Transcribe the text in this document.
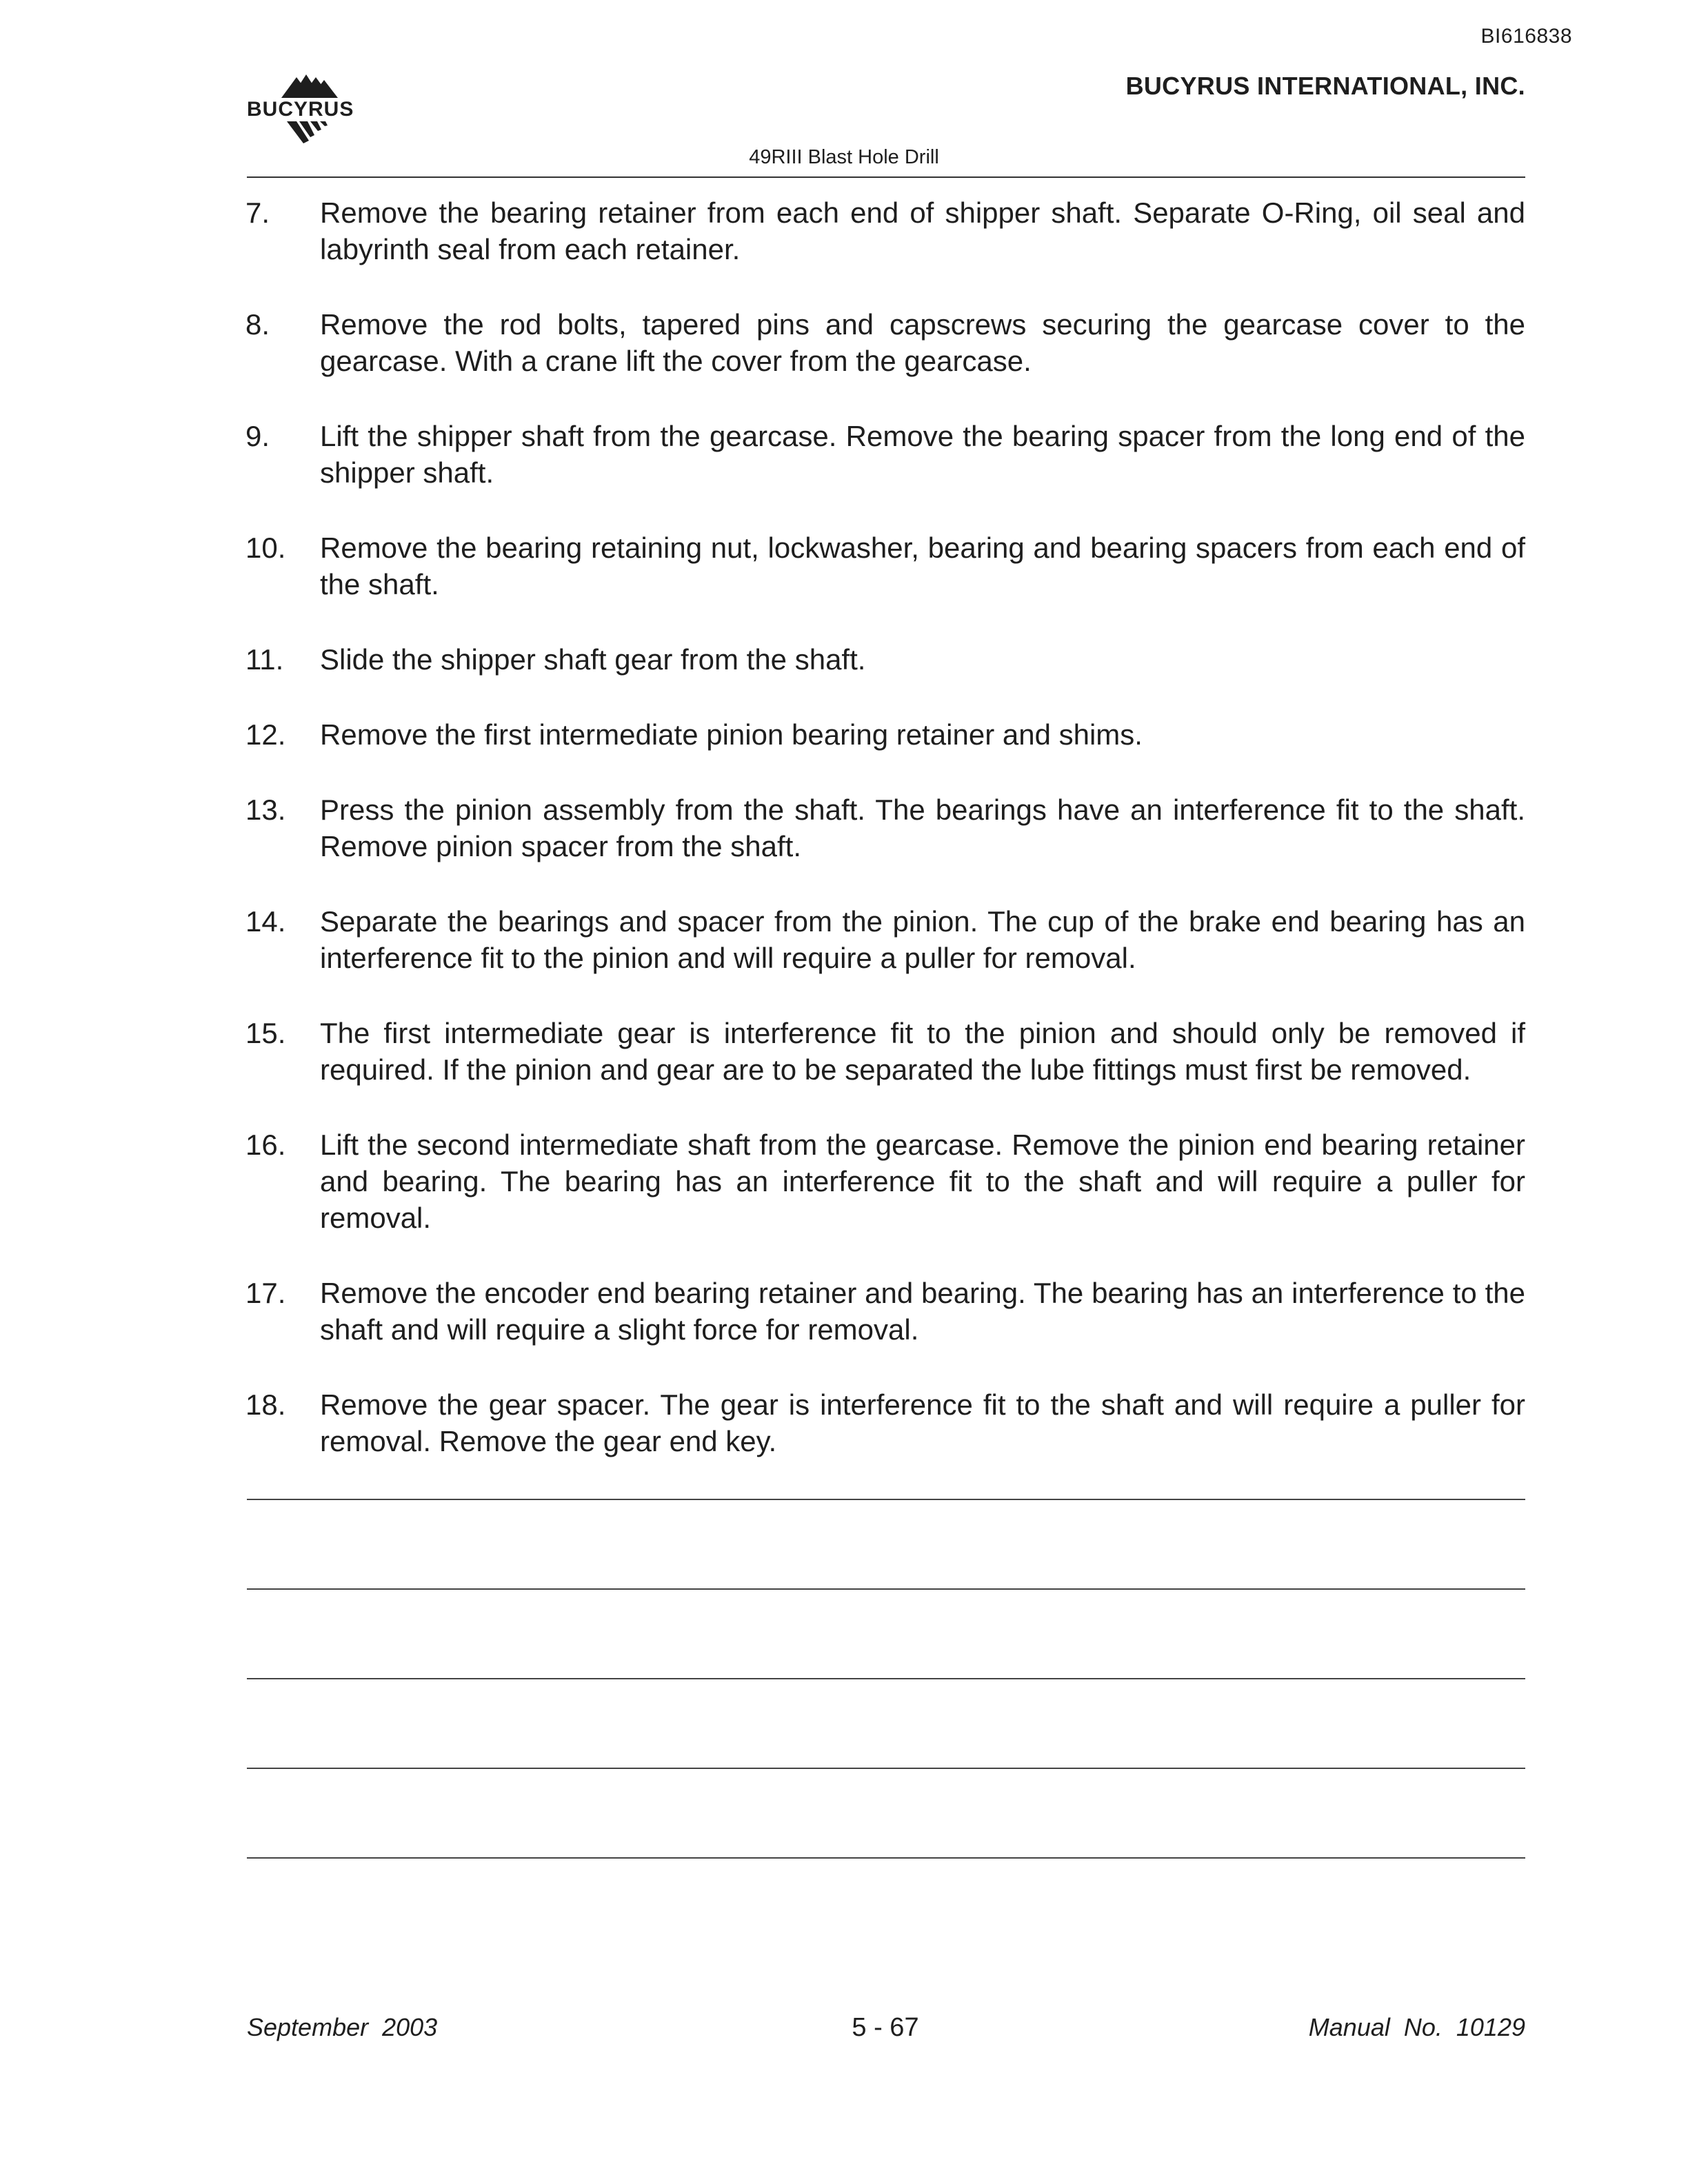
BI616838
BUCYRUS
BUCYRUS INTERNATIONAL, INC.
49RIII Blast Hole Drill
7.	Remove the bearing retainer from each end of shipper shaft. Separate O-Ring, oil seal and labyrinth seal from each retainer.
8.	Remove the rod bolts, tapered pins and capscrews securing the gearcase cover to the gearcase. With a crane lift the cover from the gearcase.
9.	Lift the shipper shaft from the gearcase. Remove the bearing spacer from the long end of the shipper shaft.
10.	Remove the bearing retaining nut, lockwasher, bearing and bearing spacers from each end of the shaft.
11.	Slide the shipper shaft gear from the shaft.
12.	Remove the first intermediate pinion bearing retainer and shims.
13.	Press the pinion assembly from the shaft. The bearings have an interference fit to the shaft. Remove pinion spacer from the shaft.
14.	Separate the bearings and spacer from the pinion. The cup of the brake end bearing has an interference fit to the pinion and will require a puller for removal.
15.	The first intermediate gear is interference fit to the pinion and should only be removed if required. If the pinion and gear are to be separated the lube fittings must first be removed.
16.	Lift the second intermediate shaft from the gearcase. Remove the pinion end bearing retainer and bearing. The bearing has an interference fit to the shaft and will require a puller for removal.
17.	Remove the encoder end bearing retainer and bearing. The bearing has an interference to the shaft and will require a slight force for removal.
18.	Remove the gear spacer. The gear is interference fit to the shaft and will require a puller for removal. Remove the gear end key.
September  2003	5 - 67	Manual  No.  10129
